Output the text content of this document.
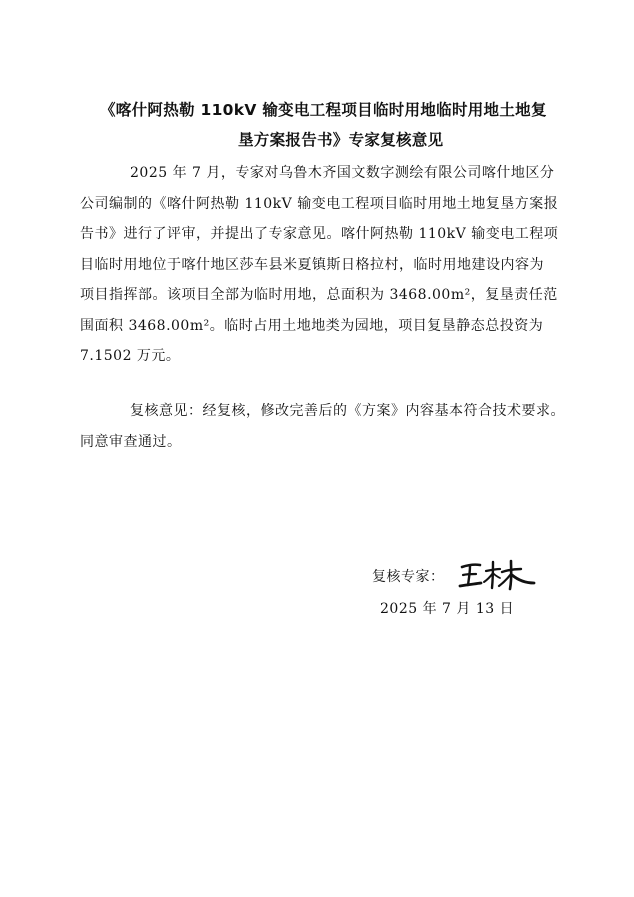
《喀什阿热勒 110kV 输变电工程项目临时用地临时用地土地复
垦方案报告书》专家复核意见
2025 年 7 月，专家对乌鲁木齐国文数字测绘有限公司喀什地区分
公司编制的《喀什阿热勒 110kV 输变电工程项目临时用地土地复垦方案报
告书》进行了评审，并提出了专家意见。喀什阿热勒 110kV 输变电工程项
目临时用地位于喀什地区莎车县米夏镇斯日格拉村，临时用地建设内容为
项目指挥部。该项目全部为临时用地，总面积为 3468.00m²，复垦责任范
围面积 3468.00m²。临时占用土地地类为园地，项目复垦静态总投资为
7.1502 万元。
复核意见：经复核，修改完善后的《方案》内容基本符合技术要求。
同意审查通过。
复核专家：
2025 年 7 月 13 日
